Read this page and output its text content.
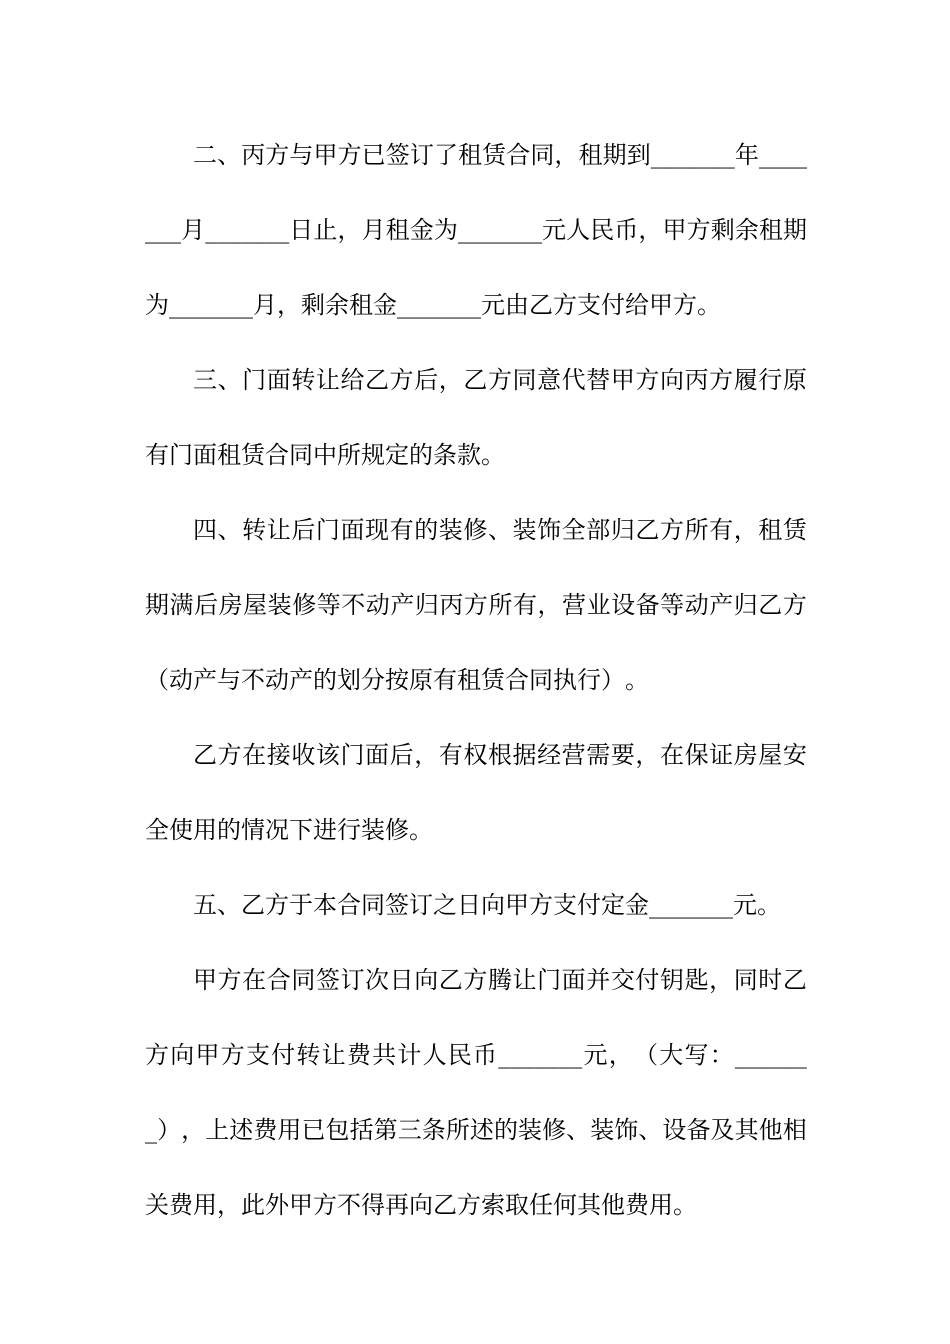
二 、 丙 方 与 甲 方 已 签 订 了 租 赁 合 同 ， 租 期 到 _______ 年 ____
___ 月 _______ 日 止 ， 月 租 金 为 _______ 元 人 民 币 ， 甲 方 剩 余 租 期
为 _______ 月 ， 剩 余 租 金 _______ 元 由 乙 方 支 付 给 甲 方 。
三 、 门 面 转 让 给 乙 方 后 ， 乙 方 同 意 代 替 甲 方 向 丙 方 履 行 原
有 门 面 租 赁 合 同 中 所 规 定 的 条 款 。
四 、 转 让 后 门 面 现 有 的 装 修 、 装 饰 全 部 归 乙 方 所 有 ， 租 赁
期 满 后 房 屋 装 修 等 不 动 产 归 丙 方 所 有 ， 营 业 设 备 等 动 产 归 乙 方
（ 动 产 与 不 动 产 的 划 分 按 原 有 租 赁 合 同 执 行 ） 。
乙 方 在 接 收 该 门 面 后 ， 有 权 根 据 经 营 需 要 ， 在 保 证 房 屋 安
全 使 用 的 情 况 下 进 行 装 修 。
五 、 乙 方 于 本 合 同 签 订 之 日 向 甲 方 支 付 定 金 _______ 元 。
甲 方 在 合 同 签 订 次 日 向 乙 方 腾 让 门 面 并 交 付 钥 匙 ， 同 时 乙
方 向 甲 方 支 付 转 让 费 共 计 人 民 币 _______ 元 ， （ 大 写 ： ______
_ ） ， 上 述 费 用 已 包 括 第 三 条 所 述 的 装 修 、 装 饰 、 设 备 及 其 他 相
关 费 用 ， 此 外 甲 方 不 得 再 向 乙 方 索 取 任 何 其 他 费 用 。
